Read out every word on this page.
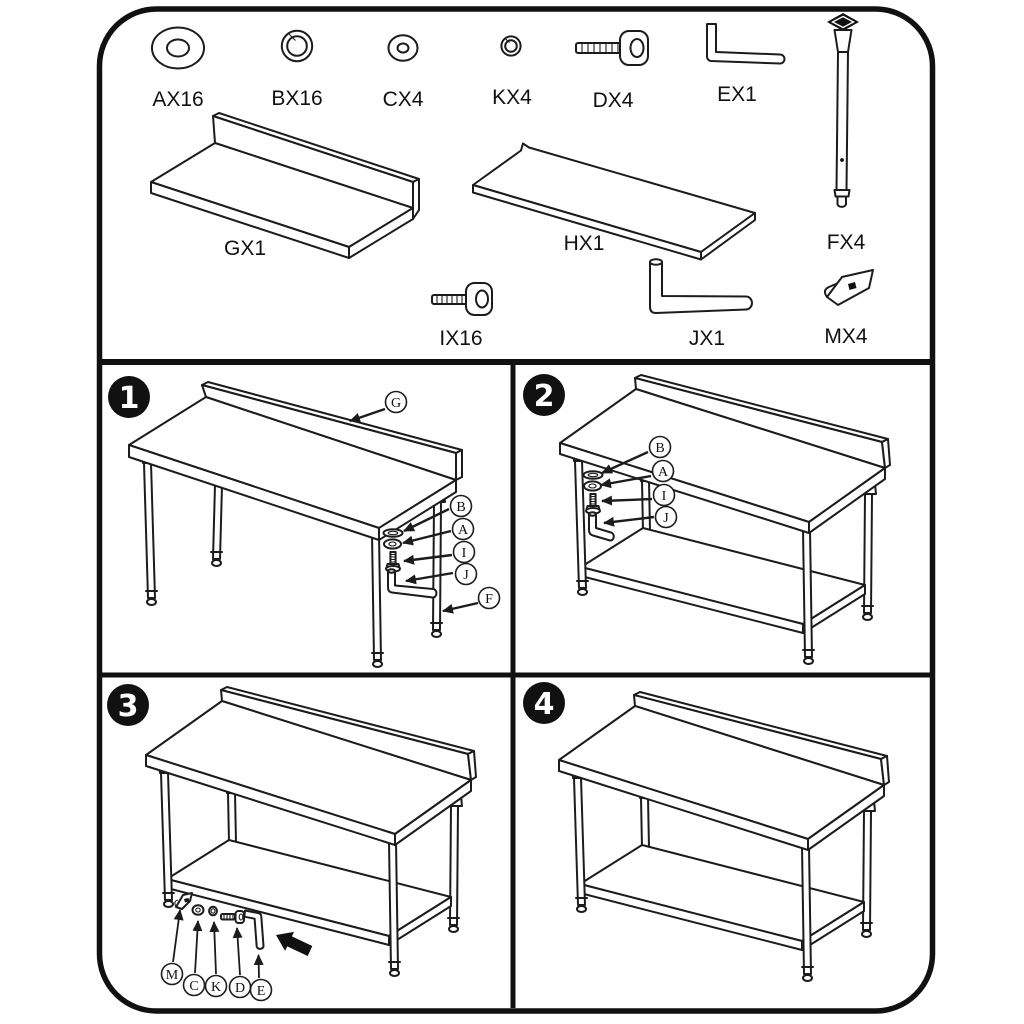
AX16	BX16	CX4	KX4	DX4	EX1
GX1	HX1	FX4
IX16	JX1	MX4
1	G
B
A
I
J
F
2
B
A
I
J
3
M
C K D E
4
